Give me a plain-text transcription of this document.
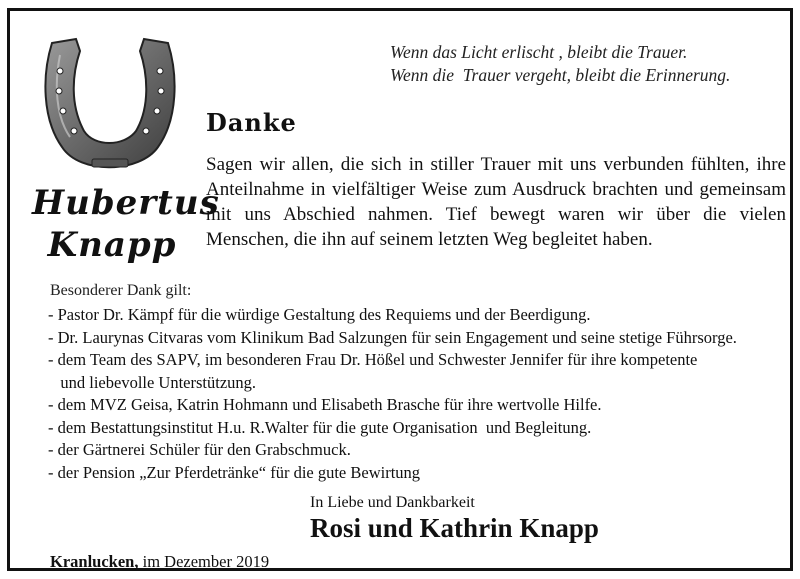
Hubertus
Knapp
Wenn das Licht erlischt , bleibt die Trauer.
Wenn die  Trauer vergeht, bleibt die Erinnerung.
Danke
Sagen wir allen, die sich in stiller Trauer mit uns verbunden fühlten, ihre Anteilnahme in vielfältiger Weise zum Ausdruck brachten und gemeinsam mit uns Abschied nahmen. Tief bewegt waren wir über die vielen Menschen, die ihn auf seinem letzten Weg begleitet haben.
Besonderer Dank gilt:
- Pastor Dr. Kämpf für die würdige Gestaltung des Requiems und der Beerdigung.
- Dr. Laurynas Citvaras vom Klinikum Bad Salzungen für sein Engagement und seine stetige Führsorge.
- dem Team des SAPV, im besonderen Frau Dr. Hößel und Schwester Jennifer für ihre kompetente
und liebevolle Unterstützung.
- dem MVZ Geisa, Katrin Hohmann und Elisabeth Brasche für ihre wertvolle Hilfe.
- dem Bestattungsinstitut H.u. R.Walter für die gute Organisation  und Begleitung.
- der Gärtnerei Schüler für den Grabschmuck.
- der Pension „Zur Pferdetränke“ für die gute Bewirtung
In Liebe und Dankbarkeit
Rosi und Kathrin Knapp
Kranlucken, im Dezember 2019
